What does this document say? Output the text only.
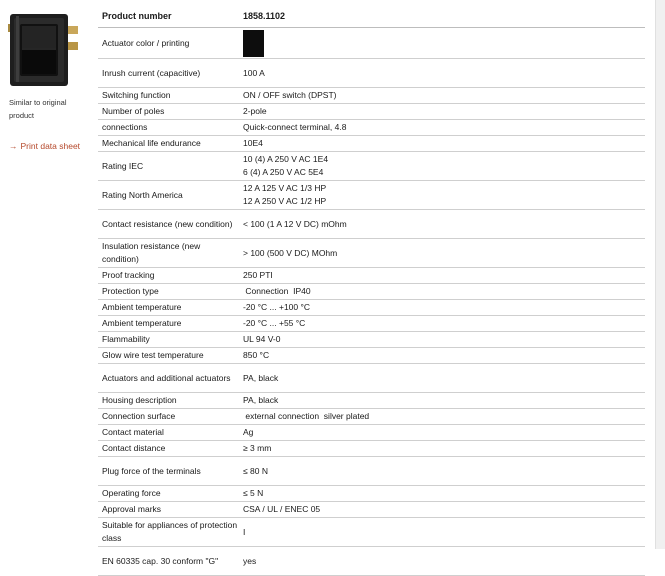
Similar to original product
→ Print data sheet
Product number	1858.1102
Actuator color / printing	
Inrush current (capacitive)	100 A

Switching function	ON / OFF switch (DPST)

Number of poles	2-pole

connections	Quick-connect terminal, 4.8

Mechanical life endurance	10E4

Rating IEC	10 (4) A 250 V AC 1E4
6 (4) A 250 V AC 5E4

Rating North America	12 A 125 V AC 1/3 HP
12 A 250 V AC 1/2 HP

Contact resistance (new condition)	< 100 (1 A 12 V DC) mOhm

Insulation resistance (new condition)	> 100 (500 V DC) MOhm

Proof tracking	250 PTI

Protection type	Connection  IP40

Ambient temperature	-20 °C ... +100 °C

Ambient temperature	-20 °C ... +55 °C

Flammability	UL 94 V-0

Glow wire test temperature	850 °C

Actuators and additional actuators	PA, black

Housing description	PA, black

Connection surface	external connection  silver plated

Contact material	Ag

Contact distance	≥ 3 mm

Plug force of the terminals	≤ 80 N

Operating force	≤ 5 N

Approval marks	CSA / UL / ENEC 05

Suitable for appliances of protection class	I

EN 60335 cap. 30 conform "G"	yes
